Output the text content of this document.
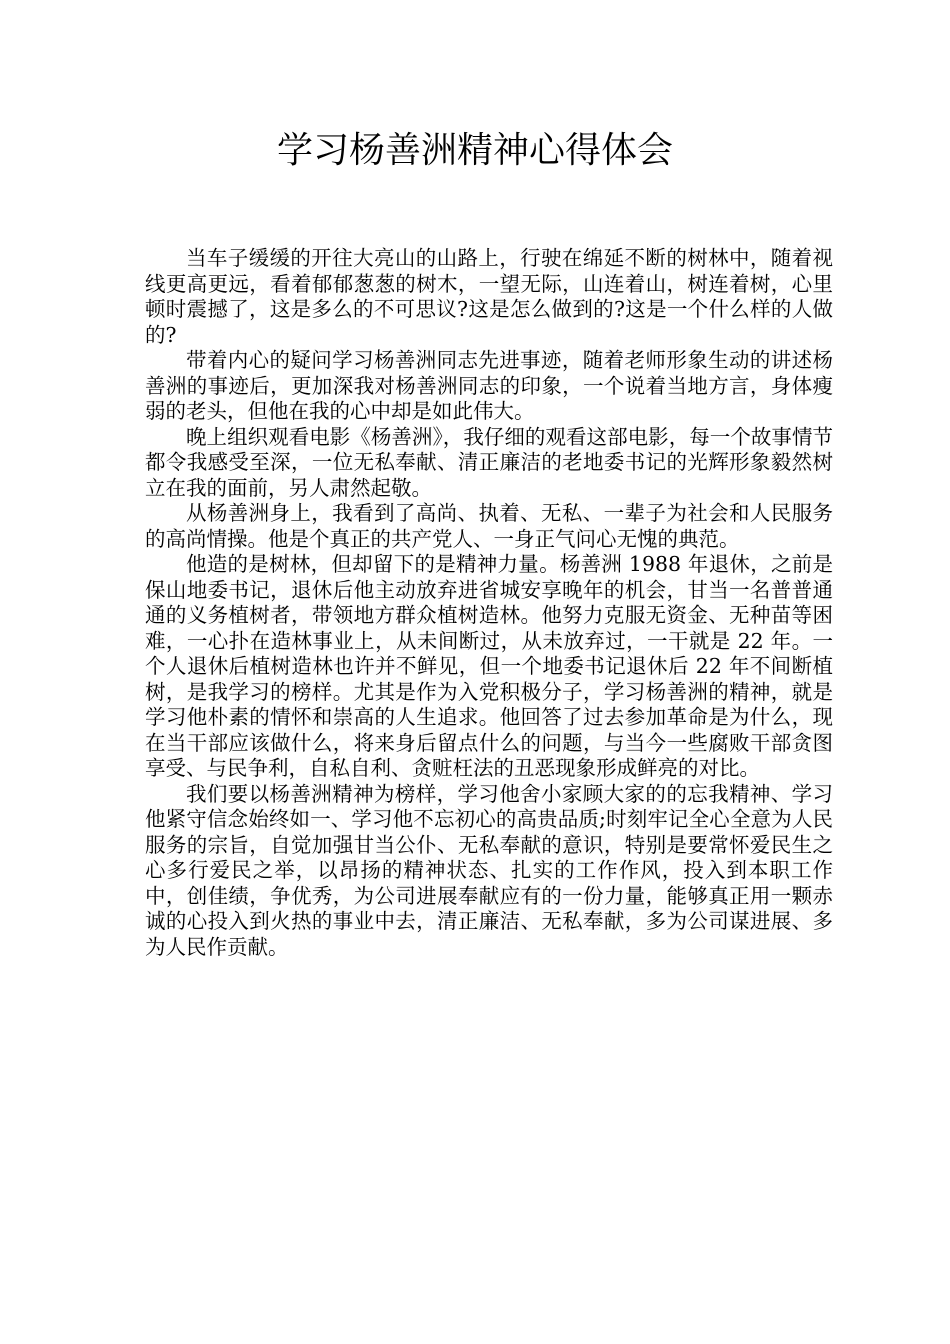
学习杨善洲精神心得体会

当车子缓缓的开往大亮山的山路上，行驶在绵延不断的树林中，随着视线更高更远，看着郁郁葱葱的树木，一望无际，山连着山，树连着树，心里顿时震撼了，这是多么的不可思议?这是怎么做到的?这是一个什么样的人做的?

带着内心的疑问学习杨善洲同志先进事迹，随着老师形象生动的讲述杨善洲的事迹后，更加深我对杨善洲同志的印象，一个说着当地方言，身体瘦弱的老头，但他在我的心中却是如此伟大。

晚上组织观看电影《杨善洲》，我仔细的观看这部电影，每一个故事情节都令我感受至深，一位无私奉献、清正廉洁的老地委书记的光辉形象毅然树立在我的面前，另人肃然起敬。

从杨善洲身上，我看到了高尚、执着、无私、一辈子为社会和人民服务的高尚情操。他是个真正的共产党人、一身正气问心无愧的典范。

他造的是树林，但却留下的是精神力量。杨善洲 1988 年退休，之前是保山地委书记，退休后他主动放弃进省城安享晚年的机会，甘当一名普普通通的义务植树者，带领地方群众植树造林。他努力克服无资金、无种苗等困难，一心扑在造林事业上，从未间断过，从未放弃过，一干就是 22 年。一个人退休后植树造林也许并不鲜见，但一个地委书记退休后 22 年不间断植树，是我学习的榜样。尤其是作为入党积极分子，学习杨善洲的精神，就是学习他朴素的情怀和崇高的人生追求。他回答了过去参加革命是为什么，现在当干部应该做什么，将来身后留点什么的问题，与当今一些腐败干部贪图享受、与民争利，自私自利、贪赃枉法的丑恶现象形成鲜亮的对比。

我们要以杨善洲精神为榜样，学习他舍小家顾大家的的忘我精神、学习他紧守信念始终如一、学习他不忘初心的高贵品质;时刻牢记全心全意为人民服务的宗旨，自觉加强甘当公仆、无私奉献的意识，特别是要常怀爱民生之心多行爱民之举，以昂扬的精神状态、扎实的工作作风，投入到本职工作中，创佳绩，争优秀，为公司进展奉献应有的一份力量，能够真正用一颗赤诚的心投入到火热的事业中去，清正廉洁、无私奉献，多为公司谋进展、多为人民作贡献。
